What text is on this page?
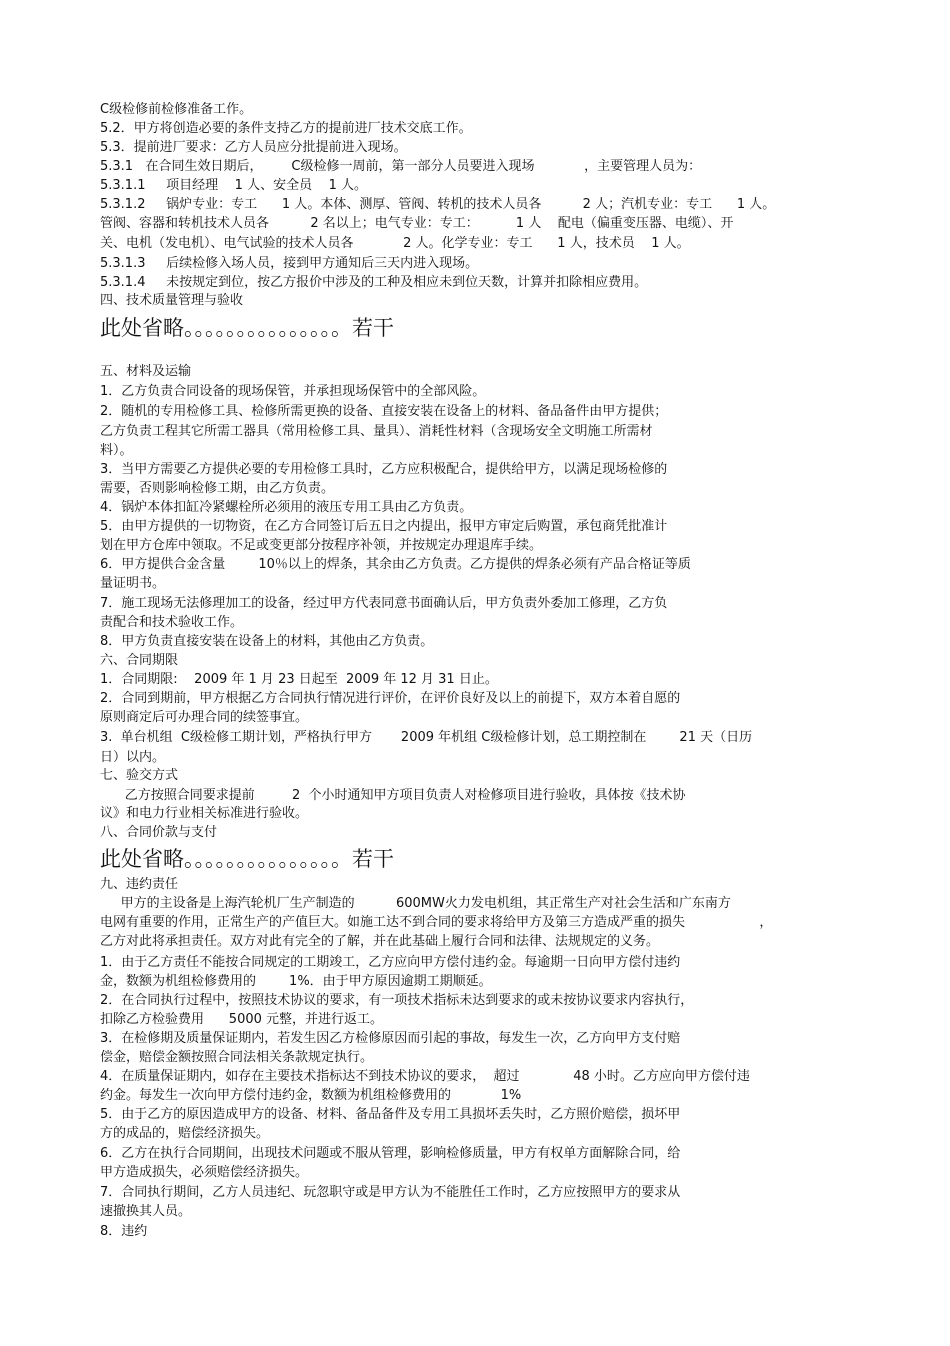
C级检修前检修准备工作。
5.2．甲方将创造必要的条件支持乙方的提前进厂技术交底工作。
5.3．提前进厂要求：乙方人员应分批提前进入现场。
5.3.1   在合同生效日期后，       C级检修一周前，第一部分人员要进入现场            ，主要管理人员为：
5.3.1.1     项目经理    1 人、安全员    1 人。
5.3.1.2     锅炉专业：专工      1 人。本体、测厚、管阀、转机的技术人员各          2 人；汽机专业：专工      1 人。
管阀、容器和转机技术人员各          2 名以上；电气专业：专工：         1 人    配电（偏重变压器、电缆）、开
关、电机（发电机）、电气试验的技术人员各            2 人。化学专业：专工      1 人，技术员    1 人。
5.3.1.3     后续检修入场人员，接到甲方通知后三天内进入现场。
5.3.1.4     未按规定到位，按乙方报价中涉及的工种及相应未到位天数，计算并扣除相应费用。
四、技术质量管理与验收
此处省略。。。。。。。。。。。。。。。若干
五、材料及运输
1．乙方负责合同设备的现场保管，并承担现场保管中的全部风险。
2．随机的专用检修工具、检修所需更换的设备、直接安装在设备上的材料、备品备件由甲方提供；
乙方负责工程其它所需工器具（常用检修工具、量具）、消耗性材料（含现场安全文明施工所需材
料）。
3．当甲方需要乙方提供必要的专用检修工具时，乙方应积极配合，提供给甲方，以满足现场检修的
需要，否则影响检修工期，由乙方负责。
4．锅炉本体扣缸冷紧螺栓所必须用的液压专用工具由乙方负责。
5．由甲方提供的一切物资，在乙方合同签订后五日之内提出，报甲方审定后购置，承包商凭批准计
划在甲方仓库中领取。不足或变更部分按程序补领，并按规定办理退库手续。
6．甲方提供合金含量        10％以上的焊条，其余由乙方负责。乙方提供的焊条必须有产品合格证等质
量证明书。
7．施工现场无法修理加工的设备，经过甲方代表同意书面确认后，甲方负责外委加工修理，乙方负
责配合和技术验收工作。
8．甲方负责直接安装在设备上的材料，其他由乙方负责。
六、合同期限
1．合同期限:    2009 年 1 月 23 日起至  2009 年 12 月 31 日止。
2．合同到期前，甲方根据乙方合同执行情况进行评价，在评价良好及以上的前提下，双方本着自愿的
原则商定后可办理合同的续签事宜。
3.  单台机组  C级检修工期计划，严格执行甲方       2009 年机组 C级检修计划，总工期控制在        21 天（日历
日）以内。
七、验交方式
乙方按照合同要求提前         2  个小时通知甲方项目负责人对检修项目进行验收，具体按《技术协
议》和电力行业相关标准进行验收。
八、合同价款与支付
此处省略。。。。。。。。。。。。。。。若干
九、违约责任
甲方的主设备是上海汽轮机厂生产制造的          600MW火力发电机组，其正常生产对社会生活和广东南方
电网有重要的作用，正常生产的产值巨大。如施工达不到合同的要求将给甲方及第三方造成严重的损失                  ，
乙方对此将承担责任。双方对此有完全的了解，并在此基础上履行合同和法律、法规规定的义务。
1．由于乙方责任不能按合同规定的工期竣工，乙方应向甲方偿付违约金。每逾期一日向甲方偿付违约
金，数额为机组检修费用的        1%．由于甲方原因逾期工期顺延。
2．在合同执行过程中，按照技术协议的要求，有一项技术指标未达到要求的或未按协议要求内容执行，
扣除乙方检验费用      5000 元整，并进行返工。
3．在检修期及质量保证期内，若发生因乙方检修原因而引起的事故，每发生一次，乙方向甲方支付赔
偿金，赔偿金额按照合同法相关条款规定执行。
4．在质量保证期内，如存在主要技术指标达不到技术协议的要求，  超过             48 小时。乙方应向甲方偿付违
约金。每发生一次向甲方偿付违约金，数额为机组检修费用的            1%
5．由于乙方的原因造成甲方的设备、材料、备品备件及专用工具损坏丢失时，乙方照价赔偿，损坏甲
方的成品的，赔偿经济损失。
6．乙方在执行合同期间，出现技术问题或不服从管理，影响检修质量，甲方有权单方面解除合同，给
甲方造成损失，必须赔偿经济损失。
7．合同执行期间，乙方人员违纪、玩忽职守或是甲方认为不能胜任工作时，乙方应按照甲方的要求从
速撤换其人员。
8．违约
